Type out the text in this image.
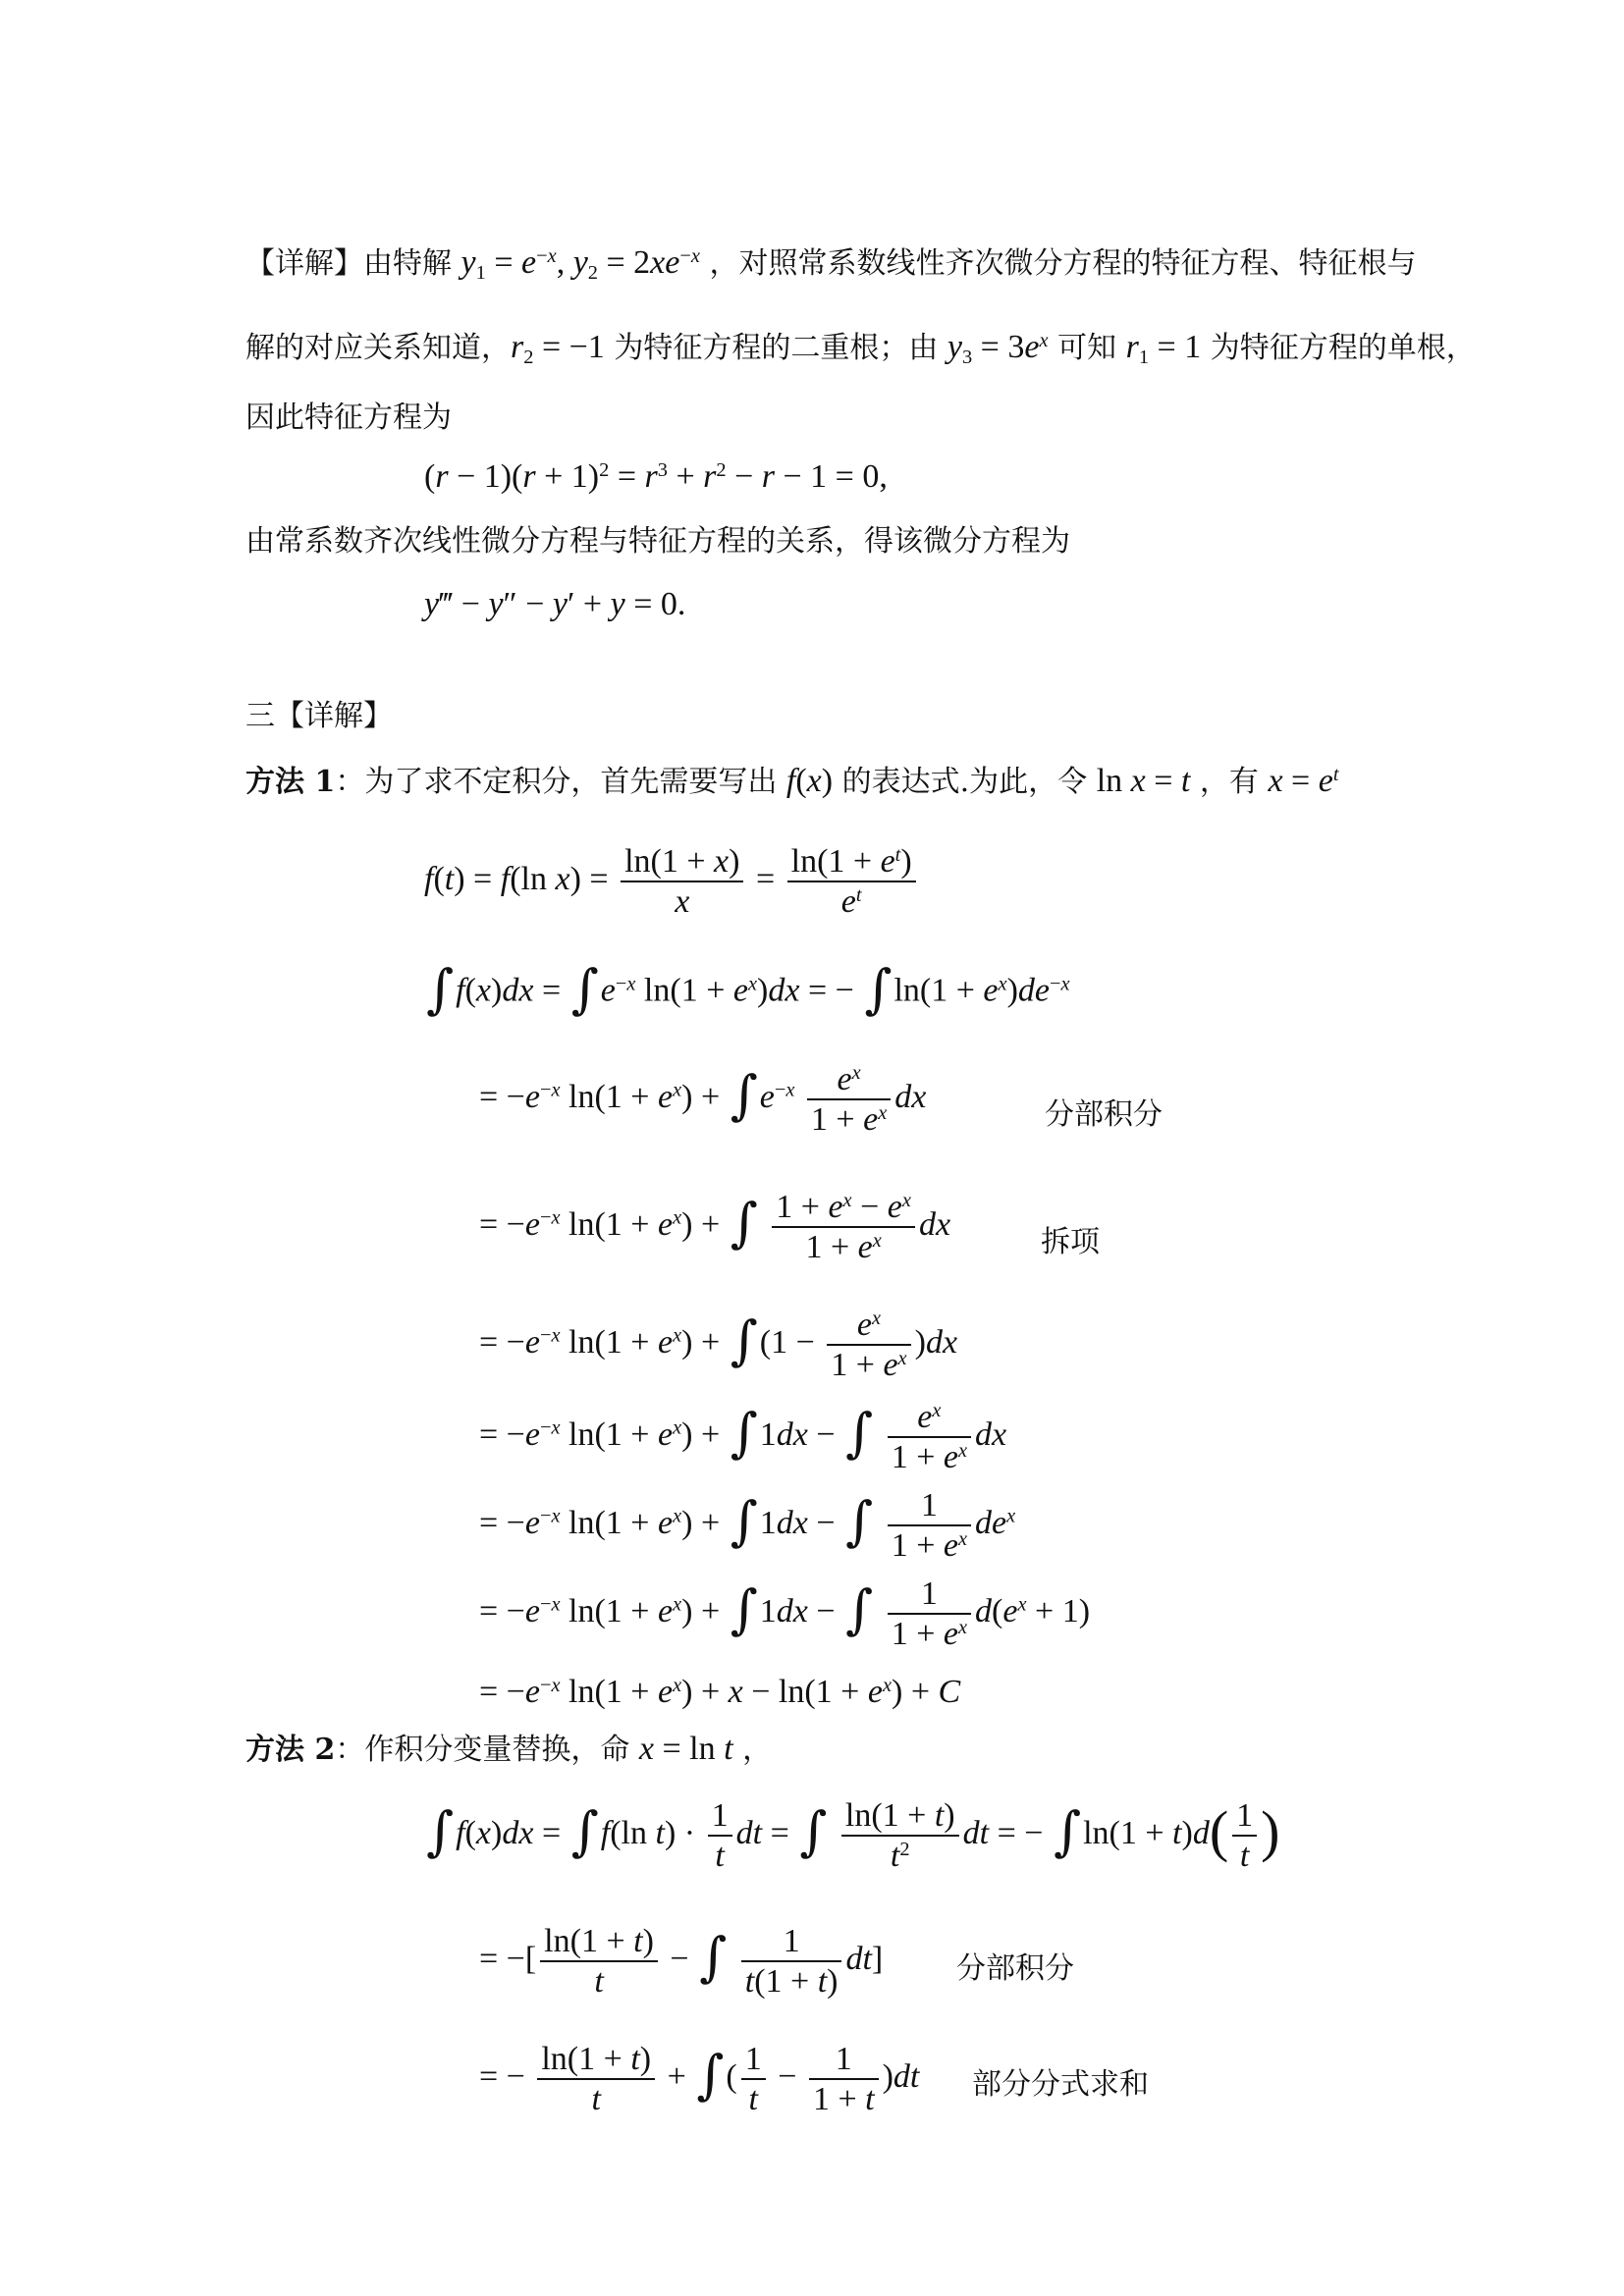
【详解】由特解 $y_1 = e^{-x}$, $y_2 = 2xe^{-x}$ ，对照常系数线性齐次微分方程的特征方程、特征根与
解的对应关系知道，$r_2 = -1$ 为特征方程的二重根；由 $y_3 = 3e^x$ 可知 $r_1 = 1$ 为特征方程的单根，
因此特征方程为
$(r - 1)(r + 1)^2 = r^3 + r^2 - r - 1 = 0$,
由常系数齐次线性微分方程与特征方程的关系，得该微分方程为
y‴ − y″ − y′ + y = 0.
三【详解】
方法 1：为了求不定积分，首先需要写出 f(x) 的表达式.为此，令 ln x = t ，有 $x = e^t$
f(t) = f(ln $x) = \frac{\ln(1 + x)}{x} = \frac{\ln(1 + e^t)}{e^t}$
$\int f(x)dx = \int e^{-x}$ $\ln(1 + e^x)dx$ = − $\int\ln(1 + e^x)de^{-x}$
= $-e^{-x}$ $\ln(1 + e^x) + \int e^{-x} \frac{e^x}{1 + e^x}$ dx	分部积分
= $-e^{-x}$ $\ln(1 + e^x)$ + ∫ $\frac{1 + e^x - e^x}{1 + e^x}$ dx	拆项
= $-e^{-x}$ $\ln(1 + e^x) + \int(1 - \frac{e^x}{1 + e^x} )dx$
= $-e^{-x}$ $\ln(1 + e^x) + \int 1dx$ − ∫ $\frac{e^x}{1 + e^x}$ dx
= $-e^{-x}$ $\ln(1 + e^x) + \int 1dx$ − ∫ $\frac{1}{1 + e^x} de^x$
= $-e^{-x}$ $\ln(1 + e^x) + \int 1dx$ − ∫ $\frac{1}{1 + e^x} d(e^x + 1)$
= $-e^{-x}$ $\ln(1 + e^x) + x - \ln(1 + e^x) + C$
方法 2：作积分变量替换，命 x = ln t ，
∫f(x)dx = ∫f(ln $t) \cdot \frac{1}{t}$ dt = ∫ $\frac{\ln(1 + t)}{t^2}$ dt = − $\int\ln(1 + t)d( \frac{1}{t}$ )
= −[ $\frac{\ln(1 + t)}{t}$ − ∫ $\frac{1}{t(1 + t)} dt$] 分部积分
= − $\frac{\ln(1 + t)}{t}$ + ∫( $\frac{1}{t} - \frac{1}{1 + t} )dt$ 部分分式求和
